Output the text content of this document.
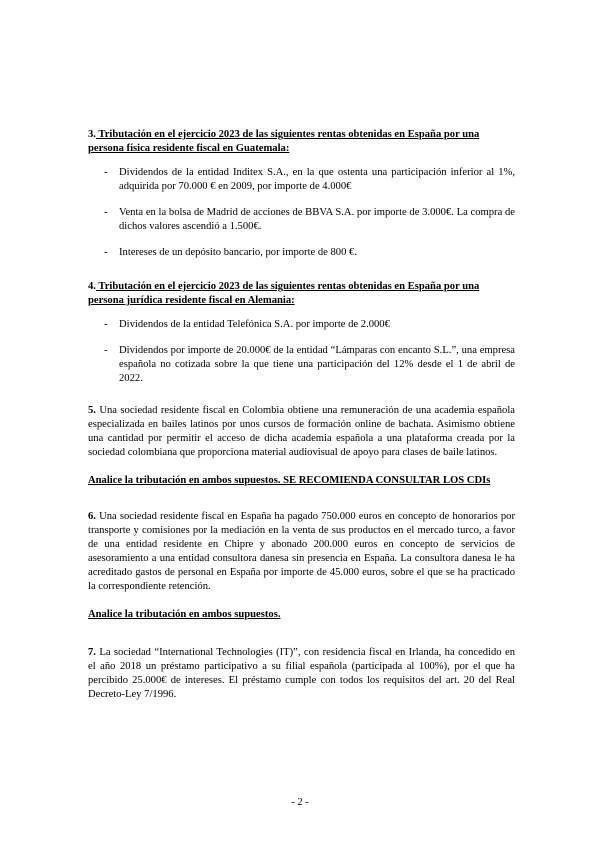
3. Tributación en el ejercicio 2023 de las siguientes rentas obtenidas en España por una persona física residente fiscal en Guatemala:

- Dividendos de la entidad Inditex S.A., en la que ostenta una participación inferior al 1%, adquirida por 70.000 € en 2009, por importe de 4.000€
- Venta en la bolsa de Madrid de acciones de BBVA S.A. por importe de 3.000€. La compra de dichos valores ascendió a 1.500€.
- Intereses de un depósito bancario, por importe de 800 €.

4. Tributación en el ejercicio 2023 de las siguientes rentas obtenidas en España por una persona jurídica residente fiscal en Alemania:

- Dividendos de la entidad Telefónica S.A. por importe de 2.000€
- Dividendos por importe de 20.000€ de la entidad “Lámparas con encanto S.L.”, una empresa española no cotizada sobre la que tiene una participación del 12% desde el 1 de abril de 2022.

5. Una sociedad residente fiscal en Colombia obtiene una remuneración de una academia española especializada en bailes latinos por unos cursos de formación online de bachata. Asimismo obtiene una cantidad por permitir el acceso de dicha academia española a una plataforma creada por la sociedad colombiana que proporciona material audiovisual de apoyo para clases de baile latinos.

Analice la tributación en ambos supuestos. SE RECOMIENDA CONSULTAR LOS CDIs

6. Una sociedad residente fiscal en España ha pagado 750.000 euros en concepto de honorarios por transporte y comisiones por la mediación en la venta de sus productos en el mercado turco, a favor de una entidad residente en Chipre y abonado 200.000 euros en concepto de servicios de asesoramiento a una entidad consultora danesa sin presencia en España. La consultora danesa le ha acreditado gastos de personal en España por importe de 45.000 euros, sobre el que se ha practicado la correspondiente retención.

Analice la tributación en ambos supuestos.

7. La sociedad “International Technologies (IT)”, con residencia fiscal en Irlanda, ha concedido en el año 2018 un préstamo participativo a su filial española (participada al 100%), por el que ha percibido 25.000€ de intereses. El préstamo cumple con todos los requisitos del art. 20 del Real Decreto-Ley 7/1996.

- 2 -
